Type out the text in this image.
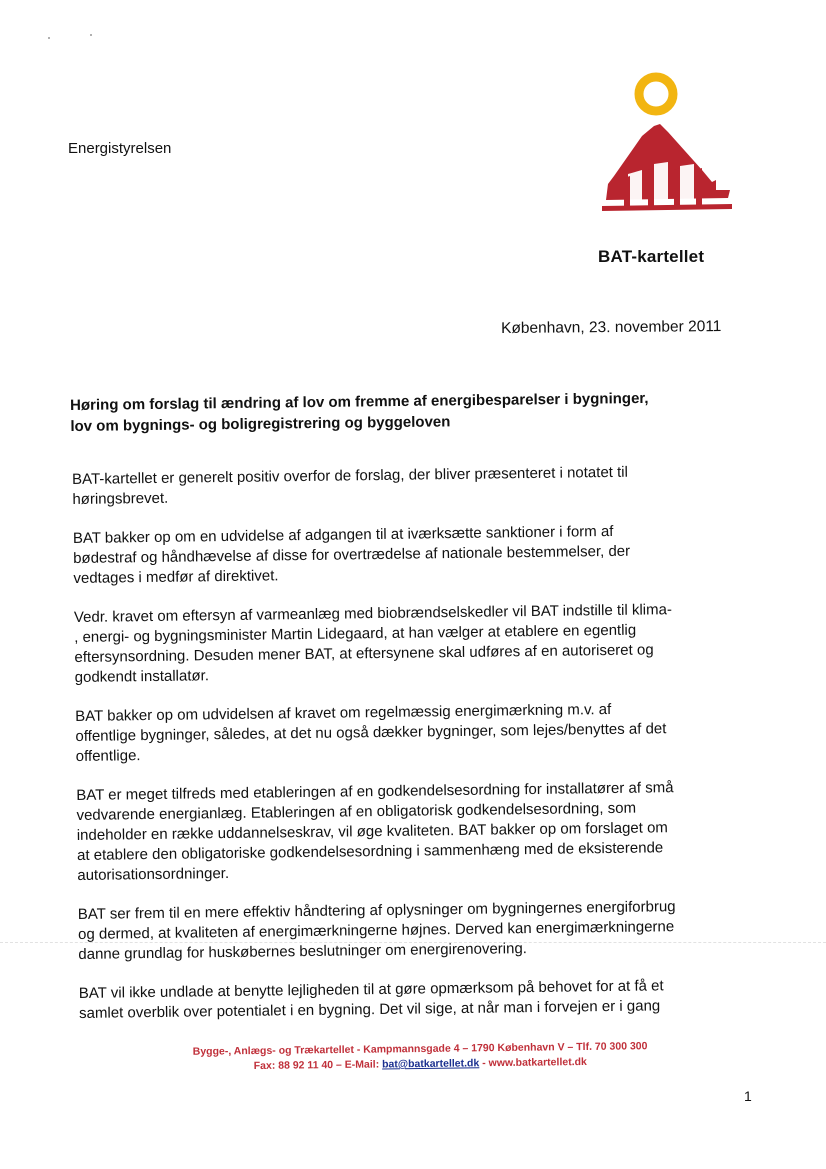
Energistyrelsen
BAT-kartellet
København, 23. november 2011
Høring om forslag til ændring af lov om fremme af energibesparelser i bygninger,
lov om bygnings- og boligregistrering og byggeloven

BAT-kartellet er generelt positiv overfor de forslag, der bliver præsenteret i notatet til
høringsbrevet.

BAT bakker op om en udvidelse af adgangen til at iværksætte sanktioner i form af
bødestraf og håndhævelse af disse for overtrædelse af nationale bestemmelser, der
vedtages i medfør af direktivet.

Vedr. kravet om eftersyn af varmeanlæg med biobrændselskedler vil BAT indstille til klima-
, energi- og bygningsminister Martin Lidegaard, at han vælger at etablere en egentlig
eftersynsordning. Desuden mener BAT, at eftersynene skal udføres af en autoriseret og
godkendt installatør.

BAT bakker op om udvidelsen af kravet om regelmæssig energimærkning m.v. af
offentlige bygninger, således, at det nu også dækker bygninger, som lejes/benyttes af det
offentlige.

BAT er meget tilfreds med etableringen af en godkendelsesordning for installatører af små
vedvarende energianlæg. Etableringen af en obligatorisk godkendelsesordning, som
indeholder en række uddannelseskrav, vil øge kvaliteten. BAT bakker op om forslaget om
at etablere den obligatoriske godkendelsesordning i sammenhæng med de eksisterende
autorisationsordninger.

BAT ser frem til en mere effektiv håndtering af oplysninger om bygningernes energiforbrug
og dermed, at kvaliteten af energimærkningerne højnes. Derved kan energimærkningerne
danne grundlag for huskøbernes beslutninger om energirenovering.

BAT vil ikke undlade at benytte lejligheden til at gøre opmærksom på behovet for at få et
samlet overblik over potentialet i en bygning. Det vil sige, at når man i forvejen er i gang

Bygge-, Anlægs- og Trækartellet - Kampmannsgade 4 – 1790 København V – Tlf. 70 300 300
Fax: 88 92 11 40 – E-Mail: bat@batkartellet.dk - www.batkartellet.dk
1
